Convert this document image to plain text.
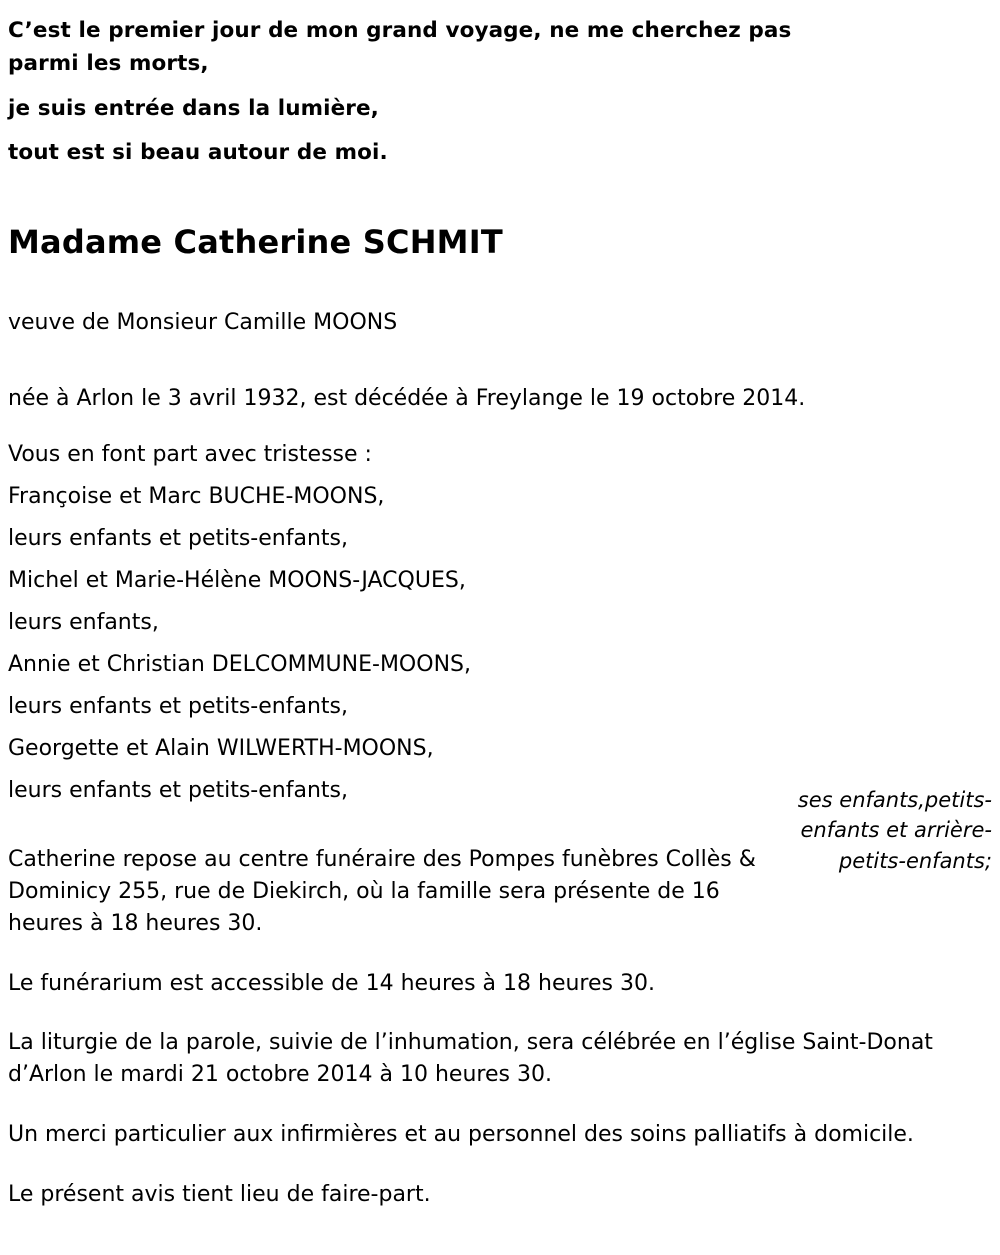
C’est le premier jour de mon grand voyage, ne me cherchez pas
parmi les morts,
je suis entrée dans la lumière,
tout est si beau autour de moi.
Madame Catherine SCHMIT
veuve de Monsieur Camille MOONS
née à Arlon le 3 avril 1932, est décédée à Freylange le 19 octobre 2014.
Vous en font part avec tristesse :
Françoise et Marc BUCHE-MOONS,
leurs enfants et petits-enfants,
Michel et Marie-Hélène MOONS-JACQUES,
leurs enfants,
Annie et Christian DELCOMMUNE-MOONS,
leurs enfants et petits-enfants,
Georgette et Alain WILWERTH-MOONS,
leurs enfants et petits-enfants,
Catherine repose au centre funéraire des Pompes funèbres Collès & Dominicy 255, rue de Diekirch, où la famille sera présente de 16 heures à 18 heures 30.
Le funérarium est accessible de 14 heures à 18 heures 30.
La liturgie de la parole, suivie de l’inhumation, sera célébrée en l’église Saint-Donat d’Arlon le mardi 21 octobre 2014 à 10 heures 30.
Un merci particulier aux infirmières et au personnel des soins palliatifs à domicile.
Le présent avis tient lieu de faire-part.
ses enfants,petits-enfants et arrière-petits-enfants;
